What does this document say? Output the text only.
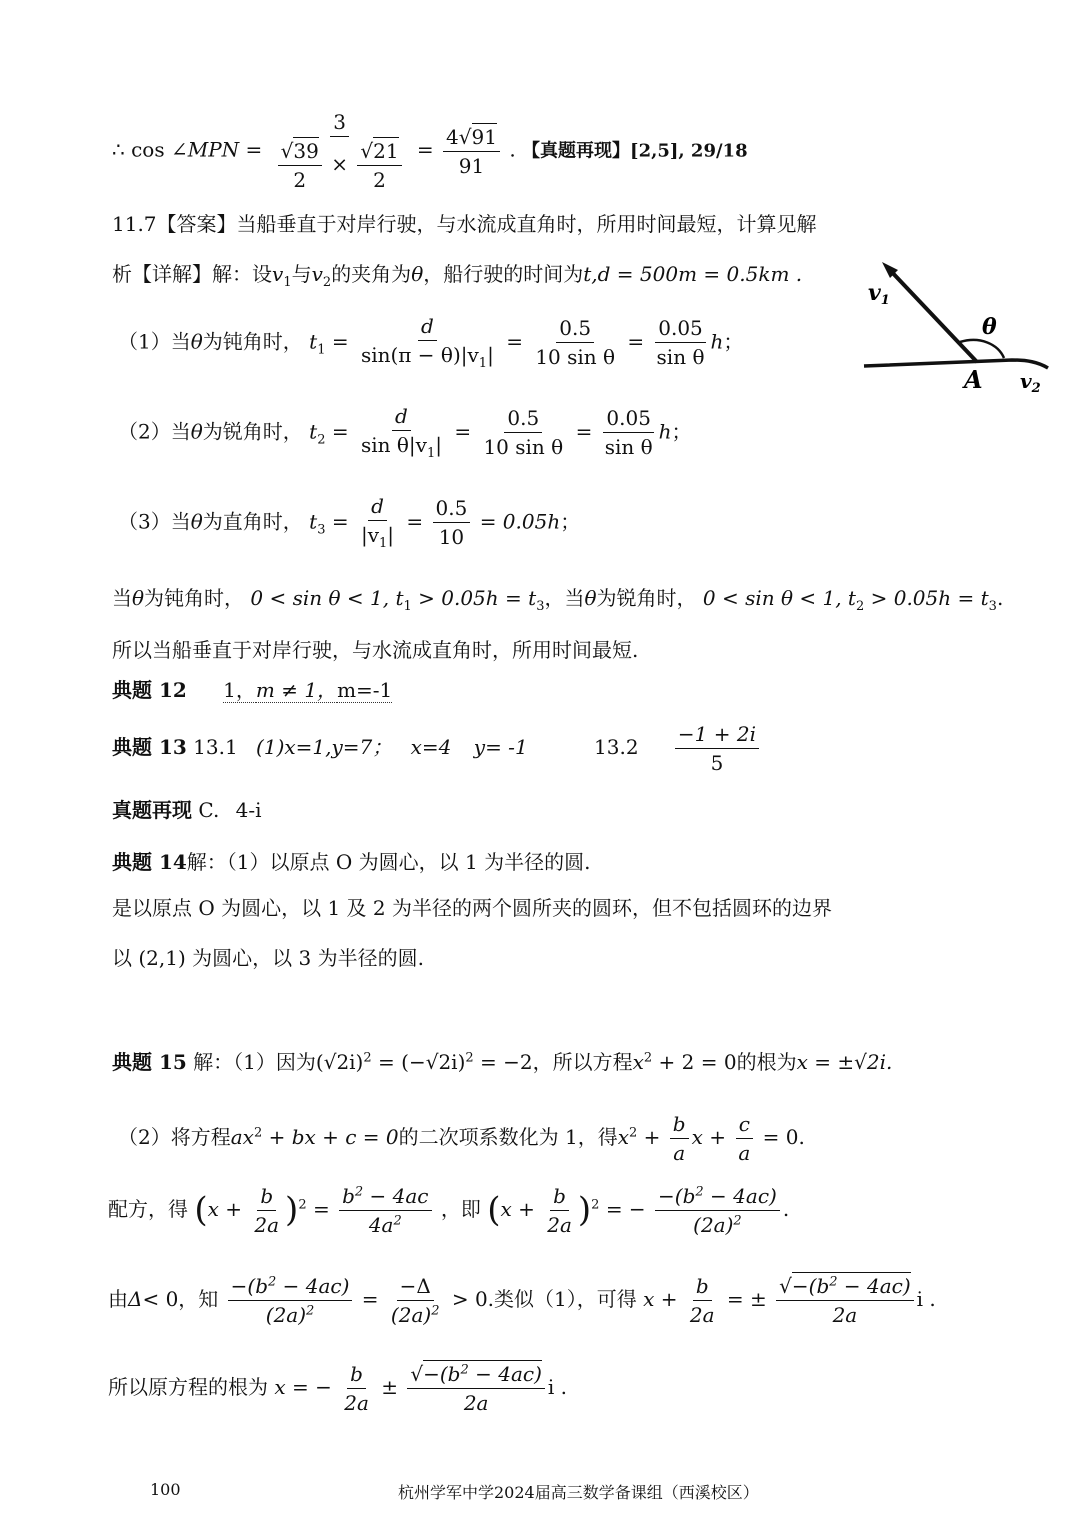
∴ cos ∠MPN = $\frac{3}{\frac{√39}{2} \times \frac{√21}{2}} = \frac{4√91}{91}$ . 【真题再现】[2,5], 29/18
11.7【答案】当船垂直于对岸行驶，与水流成直角时，所用时间最短，计算见解
析【详解】解：设$v_1$与$v_2$的夹角为θ，船行驶的时间为t,d = 500m = 0.5km .
v1
θ
A $v_2$
（1）当θ为钝角时， $t_1 = \frac{d}{\sin(\pi - \theta)|v_1|} = \frac{0.5}{\text{10 sin θ}} = \frac{0.05}{\text{sin θ}}$ h；
（2）当θ为锐角时， $t_2 = \frac{d}{\sin \theta|v_1|} = \frac{0.5}{\text{10 sin θ}} = \frac{0.05}{\text{sin θ}}$ h；
（3）当θ为直角时， $t_3 = \frac{d}{|v_1|} = \frac{0.5}{10} = 0.05h$；
当θ为钝角时， 0 < sin θ < 1, $t_1 > 0.05h = t_3$，当θ为锐角时， 0 < sin θ < 1, $t_2 > 0.05h = t_3$.
所以当船垂直于对岸行驶，与水流成直角时，所用时间最短.
典题 12 1，m ≠ 1，m=-1
典题 13 13.1 (1)x=1,y=7； x=4 y= -1	$13.2 \frac{-1 + 2i}{5}$
真题再现 C. 4-i
典题 14解：（1）以原点 O 为圆心，以 1 为半径的圆.
是以原点 O 为圆心，以 1 及 2 为半径的两个圆所夹的圆环，但不包括圆环的边界
以 (2,1) 为圆心，以 3 为半径的圆.
典题 15 解：（1）因为$(√2i)^2 = (-√2i)^2 = -2$，所以方程$x^2 + 2 = 0$的根为x = ±√2i.
（2）将方程$ax^2$ + bx + c = 0的二次项系数化为 1，得$x^2 + \frac{b}{a}$ $x + \frac{c}{a} = 0$.
配方，得 $(x + \frac{b}{2a} )^2 = \frac{b^2 - 4ac}{4a^2}$ ，即 $(x + \frac{b}{2a} )^2$ = − $\frac{-(b^2 - 4ac)}{(2a)^2}$ .
由Δ< 0，知 $\frac{-(b^2 - 4ac)}{(2a)^2} = \frac{-\Delta}{(2a)^2} > 0$.类似（1），可得 $x + \frac{b}{2a}$ = ± $\frac{√-(b^2 - 4ac)}{2a}$ i .
所以原方程的根为 x = − $\frac{b}{2a} \pm \frac{√-(b^2 - 4ac)}{2a}$ i .
100	杭州学军中学2024届高三数学备课组（西溪校区）
